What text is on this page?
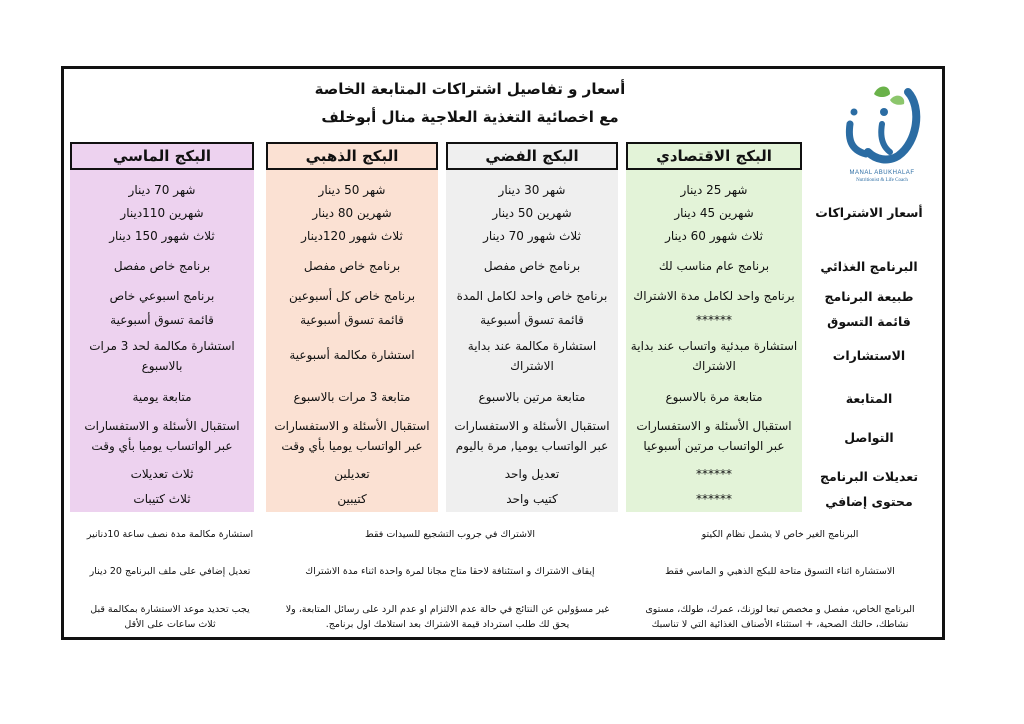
أسعار و تفاصيل اشتراكات المتابعة الخاصة
مع اخصائية التغذية العلاجية منال أبوخلف
MANAL ABUKHALAF
Nutritionist & Life Coach
البكج الاقتصادي
البكج الفضي
البكج الذهبي
البكج الماسي
أسعار الاشتراكات
البرنامج الغذائي
طبيعة البرنامج
قائمة التسوق
الاستشارات
المتابعة
التواصل
تعديلات البرنامج
محتوى إضافي
شهر 25 دينار
شهرين 45 دينار
ثلاث شهور 60 دينار
برنامج عام مناسب لك
برنامج واحد لكامل مدة الاشتراك
******
استشارة مبدئية واتساب عند بداية
الاشتراك
متابعة مرة بالاسبوع
استقبال الأسئلة و الاستفسارات
عبر الواتساب مرتين أسبوعيا
******
******
شهر 30 دينار
شهرين 50 دينار
ثلاث شهور 70 دينار
برنامج خاص مفصل
برنامج خاص واحد لكامل المدة
قائمة تسوق أسبوعية
استشارة مكالمة عند بداية
الاشتراك
متابعة مرتين بالاسبوع
استقبال الأسئلة و الاستفسارات
عبر الواتساب يوميا, مرة باليوم
تعديل واحد
كتيب واحد
شهر 50 دينار
شهرين 80 دينار
ثلاث شهور 120دينار
برنامج خاص مفصل
برنامج خاص كل أسبوعين
قائمة تسوق أسبوعية
استشارة مكالمة أسبوعية
متابعة 3 مرات بالاسبوع
استقبال الأسئلة و الاستفسارات
عبر الواتساب يوميا بأي وقت
تعديلين
كتيبين
شهر 70 دينار
شهرين 110دينار
ثلاث شهور 150 دينار
برنامج خاص مفصل
برنامج اسبوعي خاص
قائمة تسوق أسبوعية
استشارة مكالمة لحد 3 مرات
بالاسبوع
متابعة يومية
استقبال الأسئلة و الاستفسارات
عبر الواتساب يوميا بأي وقت
ثلاث تعديلات
ثلاث كتيبات
البرنامج الغير خاص لا يشمل نظام الكيتو
الاستشارة اثناء التسوق متاحة للبكج الذهبي و الماسي فقط
البرنامج الخاص، مفصل و مخصص تبعا لوزنك، عمرك، طولك، مستوى
نشاطك، حالتك الصحية، + استثناء الأصناف الغذائية التي لا تناسبك
الاشتراك في جروب التشجيع للسيدات فقط
إيقاف الاشتراك و استئنافة لاحقا متاح مجانا لمرة واحدة اثناء مدة الاشتراك
غير مسؤولين عن النتائج في حالة عدم الالتزام او عدم الرد على رسائل المتابعة، ولا
يحق لك طلب استرداد قيمة الاشتراك بعد استلامك اول برنامج.
استشارة مكالمة مدة نصف ساعة 10دنانير
تعديل إضافي على ملف البرنامج 20 دينار
يجب تحديد موعد الاستشارة بمكالمة قبل
ثلاث ساعات على الأقل
